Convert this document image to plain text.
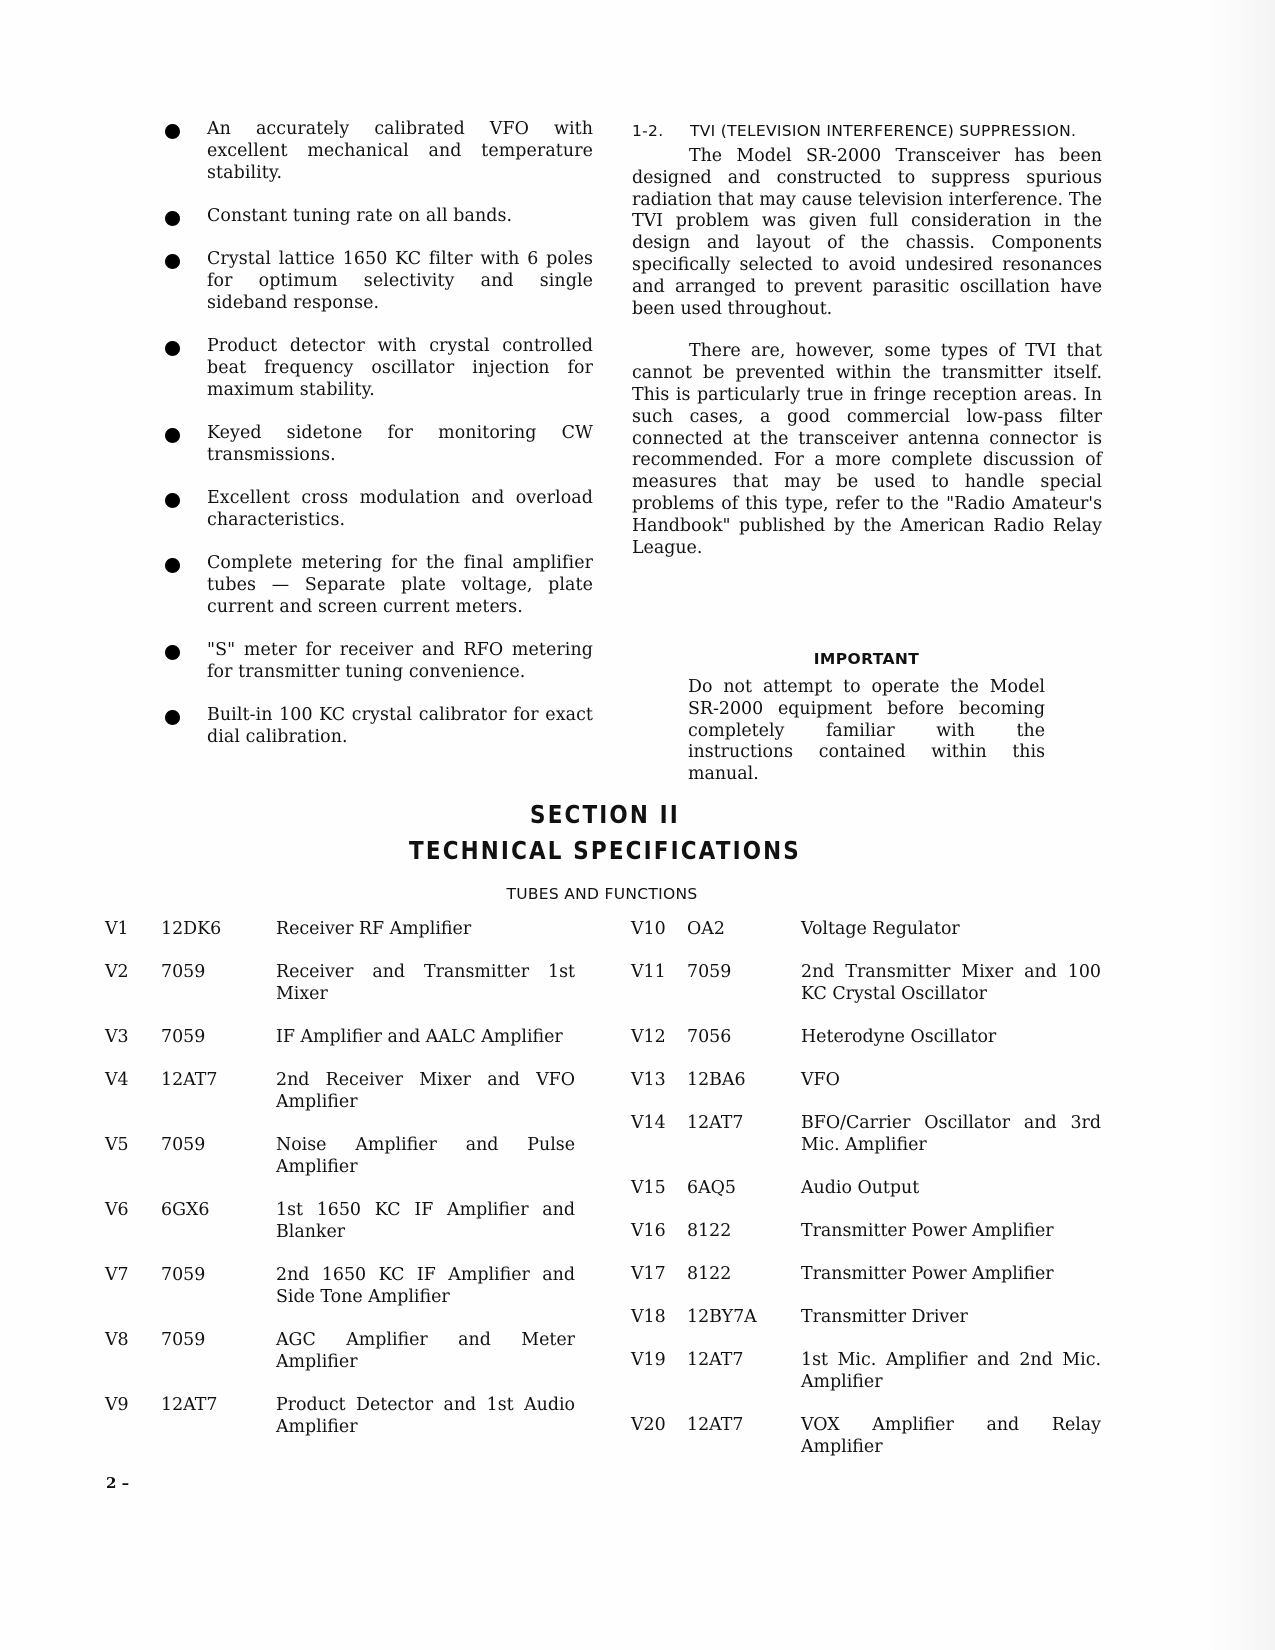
An accurately calibrated VFO with excellent mechanical and temperature stability.
Constant tuning rate on all bands.
Crystal lattice 1650 KC filter with 6 poles for optimum selectivity and single sideband response.
Product detector with crystal controlled beat frequency oscillator injection for maximum stability.
Keyed sidetone for monitoring CW transmissions.
Excellent cross modulation and overload characteristics.
Complete metering for the final amplifier tubes — Separate plate voltage, plate current and screen current meters.
"S" meter for receiver and RFO metering for transmitter tuning convenience.
Built-in 100 KC crystal calibrator for exact dial calibration.
1-2. TVI (TELEVISION INTERFERENCE) SUPPRESSION.
The Model SR-2000 Transceiver has been designed and constructed to suppress spurious radiation that may cause television interference. The TVI problem was given full consideration in the design and layout of the chassis. Components specifically selected to avoid undesired resonances and arranged to prevent parasitic oscillation have been used throughout.
There are, however, some types of TVI that cannot be prevented within the transmitter itself. This is particularly true in fringe reception areas. In such cases, a good commercial low-pass filter connected at the transceiver antenna connector is recommended. For a more complete discussion of measures that may be used to handle special problems of this type, refer to the "Radio Amateur's Handbook" published by the American Radio Relay League.
IMPORTANT
Do not attempt to operate the Model SR-2000 equipment before becoming completely familiar with the instructions contained within this manual.
SECTION II
TECHNICAL SPECIFICATIONS
TUBES AND FUNCTIONS
V1 12DK6	Receiver RF Amplifier
V2 7059	Receiver and Transmitter 1st Mixer
V3 7059	IF Amplifier and AALC Amplifier
V4 12AT7	2nd Receiver Mixer and VFO Amplifier
V5 7059	Noise Amplifier and Pulse Amplifier
V6 6GX6	1st 1650 KC IF Amplifier and Blanker
V7 7059	2nd 1650 KC IF Amplifier and Side Tone Amplifier
V8 7059	AGC Amplifier and Meter Amplifier
V9 12AT7	Product Detector and 1st Audio Amplifier
V10 OA2	Voltage Regulator
V11 7059	2nd Transmitter Mixer and 100 KC Crystal Oscillator
V12 7056	Heterodyne Oscillator
V13 12BA6	VFO
V14 12AT7	BFO/Carrier Oscillator and 3rd Mic. Amplifier
V15 6AQ5	Audio Output
V16 8122	Transmitter Power Amplifier
V17 8122	Transmitter Power Amplifier
V18 12BY7A	Transmitter Driver
V19 12AT7	1st Mic. Amplifier and 2nd Mic. Amplifier
V20 12AT7	VOX Amplifier and Relay Amplifier
2 –
